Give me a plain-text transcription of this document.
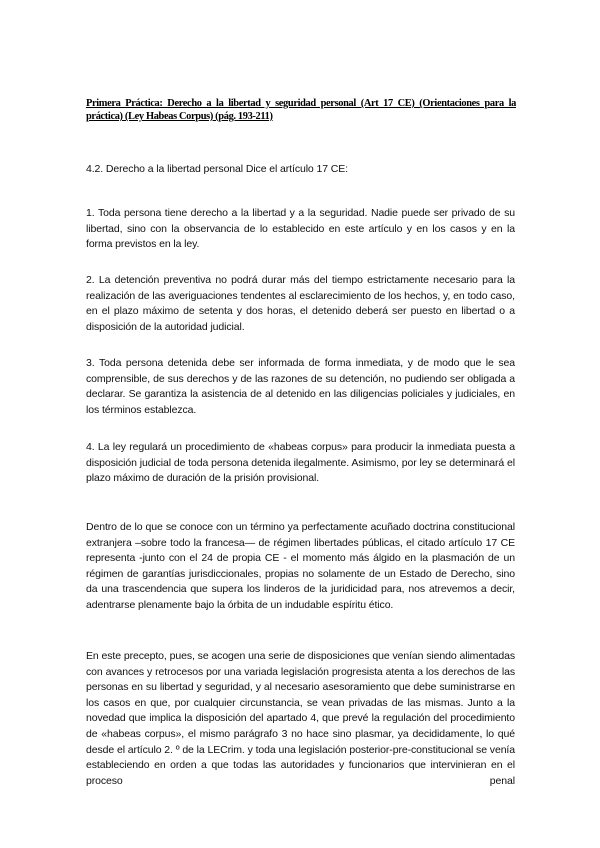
Primera Práctica: Derecho a la libertad y seguridad personal (Art 17 CE) (Orientaciones para la práctica) (Ley Habeas Corpus) (pág. 193-211)
4.2. Derecho a la libertad personal Dice el artículo 17 CE:
1. Toda persona tiene derecho a la libertad y a la seguridad. Nadie puede ser privado de su libertad, sino con la observancia de lo establecido en este artículo y en los casos y en la forma previstos en la ley.
2. La detención preventiva no podrá durar más del tiempo estrictamente necesario para la realización de las averiguaciones tendentes al esclarecimiento de los hechos, y, en todo caso, en el plazo máximo de setenta y dos horas, el detenido deberá ser puesto en libertad o a disposición de la autoridad judicial.
3. Toda persona detenida debe ser informada de forma inmediata, y de modo que le sea comprensible, de sus derechos y de las razones de su detención, no pudiendo ser obligada a declarar. Se garantiza la asistencia de al detenido en las diligencias policiales y judiciales, en los términos establezca.
4. La ley regulará un procedimiento de «habeas corpus» para producir la inmediata puesta a disposición judicial de toda persona detenida ilegalmente. Asimismo, por ley se determinará el plazo máximo de duración de la prisión provisional.
Dentro de lo que se conoce con un término ya perfectamente acuñado doctrina constitucional extranjera –sobre todo la francesa— de régimen libertades públicas, el citado artículo 17 CE representa -junto con el 24 de propia CE - el momento más álgido en la plasmación de un régimen de garantías jurisdiccionales, propias no solamente de un Estado de Derecho, sino da una trascendencia que supera los linderos de la juridicidad para, nos atrevemos a decir, adentrarse plenamente bajo la órbita de un indudable espíritu ético.
En este precepto, pues, se acogen una serie de disposiciones que venían siendo alimentadas con avances y retrocesos por una variada legislación progresista atenta a los derechos de las personas en su libertad y seguridad, y al necesario asesoramiento que debe suministrarse en los casos en que, por cualquier circunstancia, se vean privadas de las mismas. Junto a la novedad que implica la disposición del apartado 4, que prevé la regulación del procedimiento de «habeas corpus», el mismo parágrafo 3 no hace sino plasmar, ya decididamente, lo qué desde el artículo 2. º de la LECrim. y toda una legislación posterior-pre-constitucional se venía estableciendo en orden a que todas las autoridades y funcionarios que intervinieran en el proceso penal
